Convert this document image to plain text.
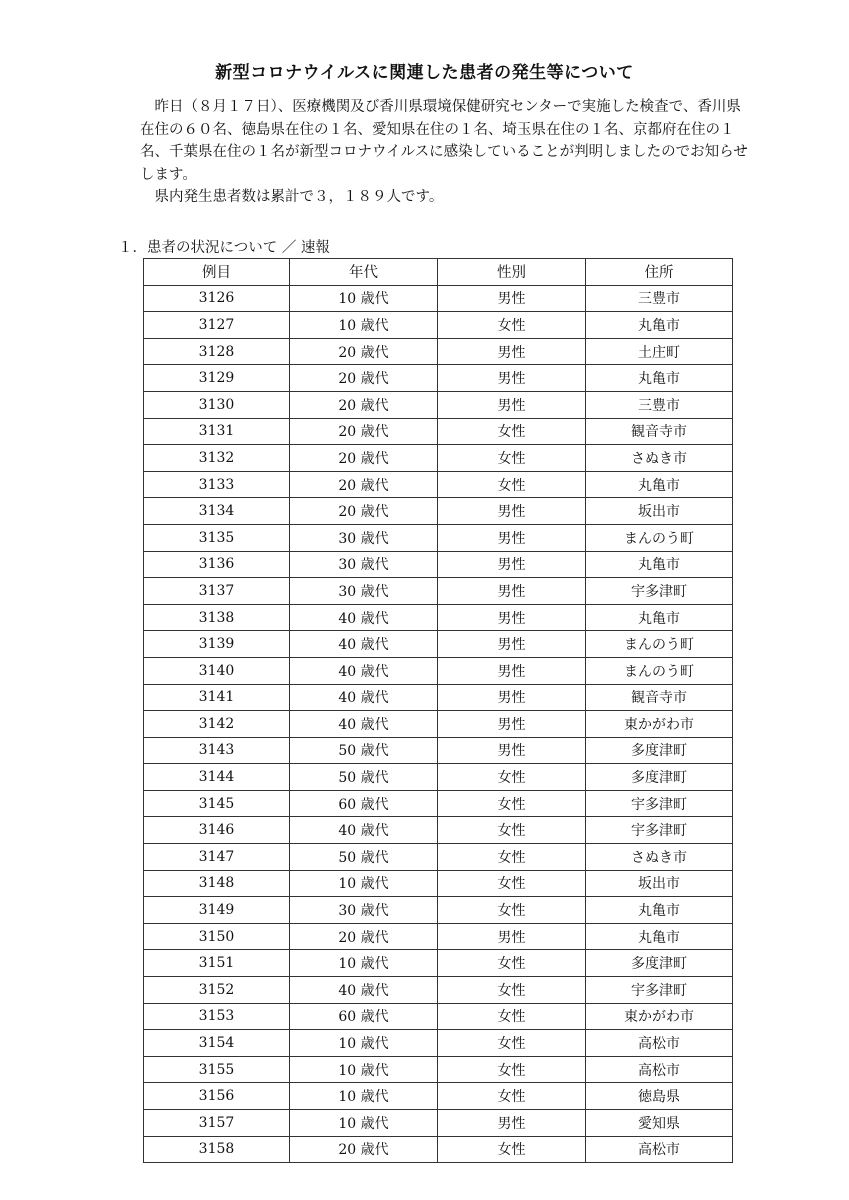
新型コロナウイルスに関連した患者の発生等について

昨日（８月１７日）、医療機関及び香川県環境保健研究センターで実施した検査で、香川県在住の６０名、徳島県在住の１名、愛知県在住の１名、埼玉県在住の１名、京都府在住の１名、千葉県在住の１名が新型コロナウイルスに感染していることが判明しましたのでお知らせします。

県内発生患者数は累計で３，１８９人です。

１．患者の状況について ／ 速報
例目	年代	性別	住所
3126	10 歳代	男性	三豊市
3127	10 歳代	女性	丸亀市
3128	20 歳代	男性	土庄町
3129	20 歳代	男性	丸亀市
3130	20 歳代	男性	三豊市
3131	20 歳代	女性	観音寺市
3132	20 歳代	女性	さぬき市
3133	20 歳代	女性	丸亀市
3134	20 歳代	男性	坂出市
3135	30 歳代	男性	まんのう町
3136	30 歳代	男性	丸亀市
3137	30 歳代	男性	宇多津町
3138	40 歳代	男性	丸亀市
3139	40 歳代	男性	まんのう町
3140	40 歳代	男性	まんのう町
3141	40 歳代	男性	観音寺市
3142	40 歳代	男性	東かがわ市
3143	50 歳代	男性	多度津町
3144	50 歳代	女性	多度津町
3145	60 歳代	女性	宇多津町
3146	40 歳代	女性	宇多津町
3147	50 歳代	女性	さぬき市
3148	10 歳代	女性	坂出市
3149	30 歳代	女性	丸亀市
3150	20 歳代	男性	丸亀市
3151	10 歳代	女性	多度津町
3152	40 歳代	女性	宇多津町
3153	60 歳代	女性	東かがわ市
3154	10 歳代	女性	高松市
3155	10 歳代	女性	高松市
3156	10 歳代	女性	徳島県
3157	10 歳代	男性	愛知県
3158	20 歳代	女性	高松市
